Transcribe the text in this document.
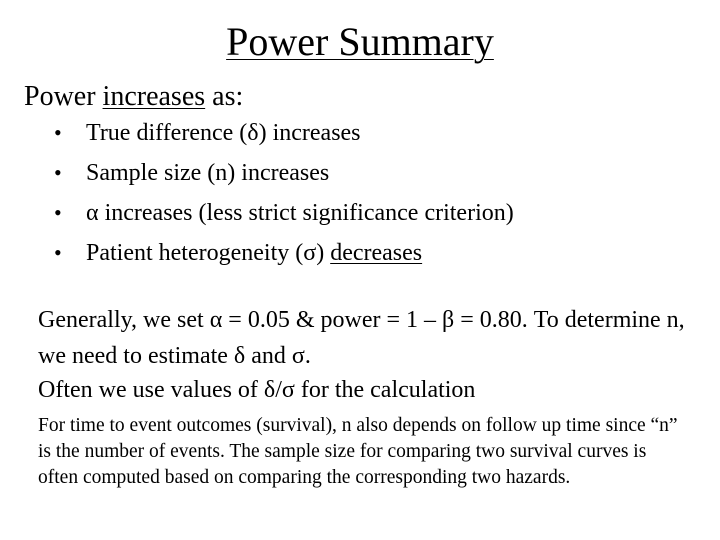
Power Summary
Power increases as:
• True difference (δ) increases
• Sample size (n) increases
• α increases (less strict significance criterion)
• Patient heterogeneity (σ) decreases
Generally, we set α = 0.05 & power = 1 – β = 0.80. To determine n, we need to estimate δ and σ.
Often we use values of δ/σ for the calculation
For time to event outcomes (survival), n also depends on follow up time since “n” is the number of events. The sample size for comparing two survival curves is often computed based on comparing the corresponding two hazards.
